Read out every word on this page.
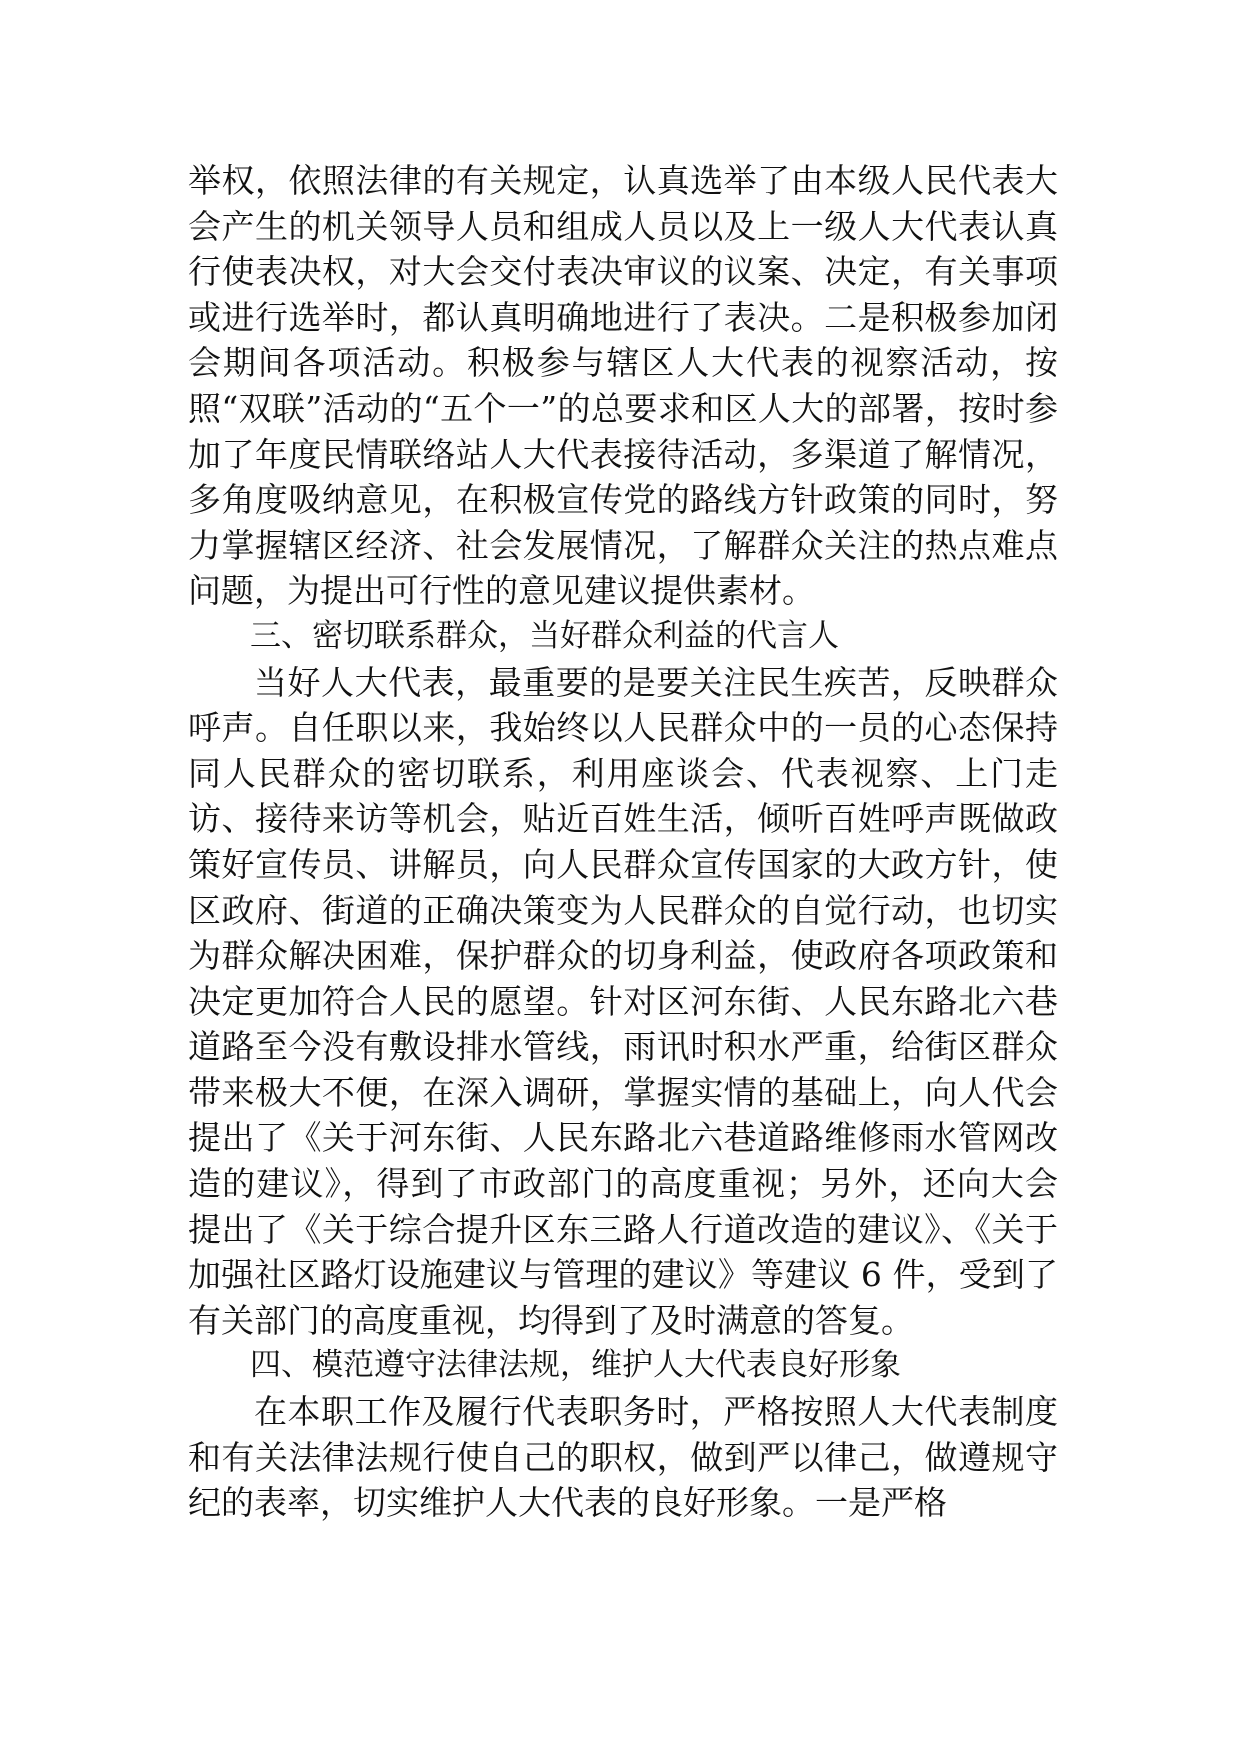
举权，依照法律的有关规定，认真选举了由本级人民代表大会产生的机关领导人员和组成人员以及上一级人大代表认真行使表决权，对大会交付表决审议的议案、决定，有关事项或进行选举时，都认真明确地进行了表决。二是积极参加闭会期间各项活动。积极参与辖区人大代表的视察活动，按照“双联”活动的“五个一”的总要求和区人大的部署，按时参加了年度民情联络站人大代表接待活动，多渠道了解情况，多角度吸纳意见，在积极宣传党的路线方针政策的同时，努力掌握辖区经济、社会发展情况，了解群众关注的热点难点问题，为提出可行性的意见建议提供素材。

三、密切联系群众，当好群众利益的代言人

当好人大代表，最重要的是要关注民生疾苦，反映群众呼声。自任职以来，我始终以人民群众中的一员的心态保持同人民群众的密切联系，利用座谈会、代表视察、上门走访、接待来访等机会，贴近百姓生活，倾听百姓呼声既做政策好宣传员、讲解员，向人民群众宣传国家的大政方针，使区政府、街道的正确决策变为人民群众的自觉行动，也切实为群众解决困难，保护群众的切身利益，使政府各项政策和决定更加符合人民的愿望。针对区河东街、人民东路北六巷道路至今没有敷设排水管线，雨讯时积水严重，给街区群众带来极大不便，在深入调研，掌握实情的基础上，向人代会提出了《关于河东街、人民东路北六巷道路维修雨水管网改造的建议》，得到了市政部门的高度重视；另外，还向大会提出了《关于综合提升区东三路人行道改造的建议》、《关于加强社区路灯设施建议与管理的建议》等建议 6 件，受到了有关部门的高度重视，均得到了及时满意的答复。

四、模范遵守法律法规，维护人大代表良好形象

在本职工作及履行代表职务时，严格按照人大代表制度和有关法律法规行使自己的职权，做到严以律己，做遵规守纪的表率，切实维护人大代表的良好形象。一是严格
